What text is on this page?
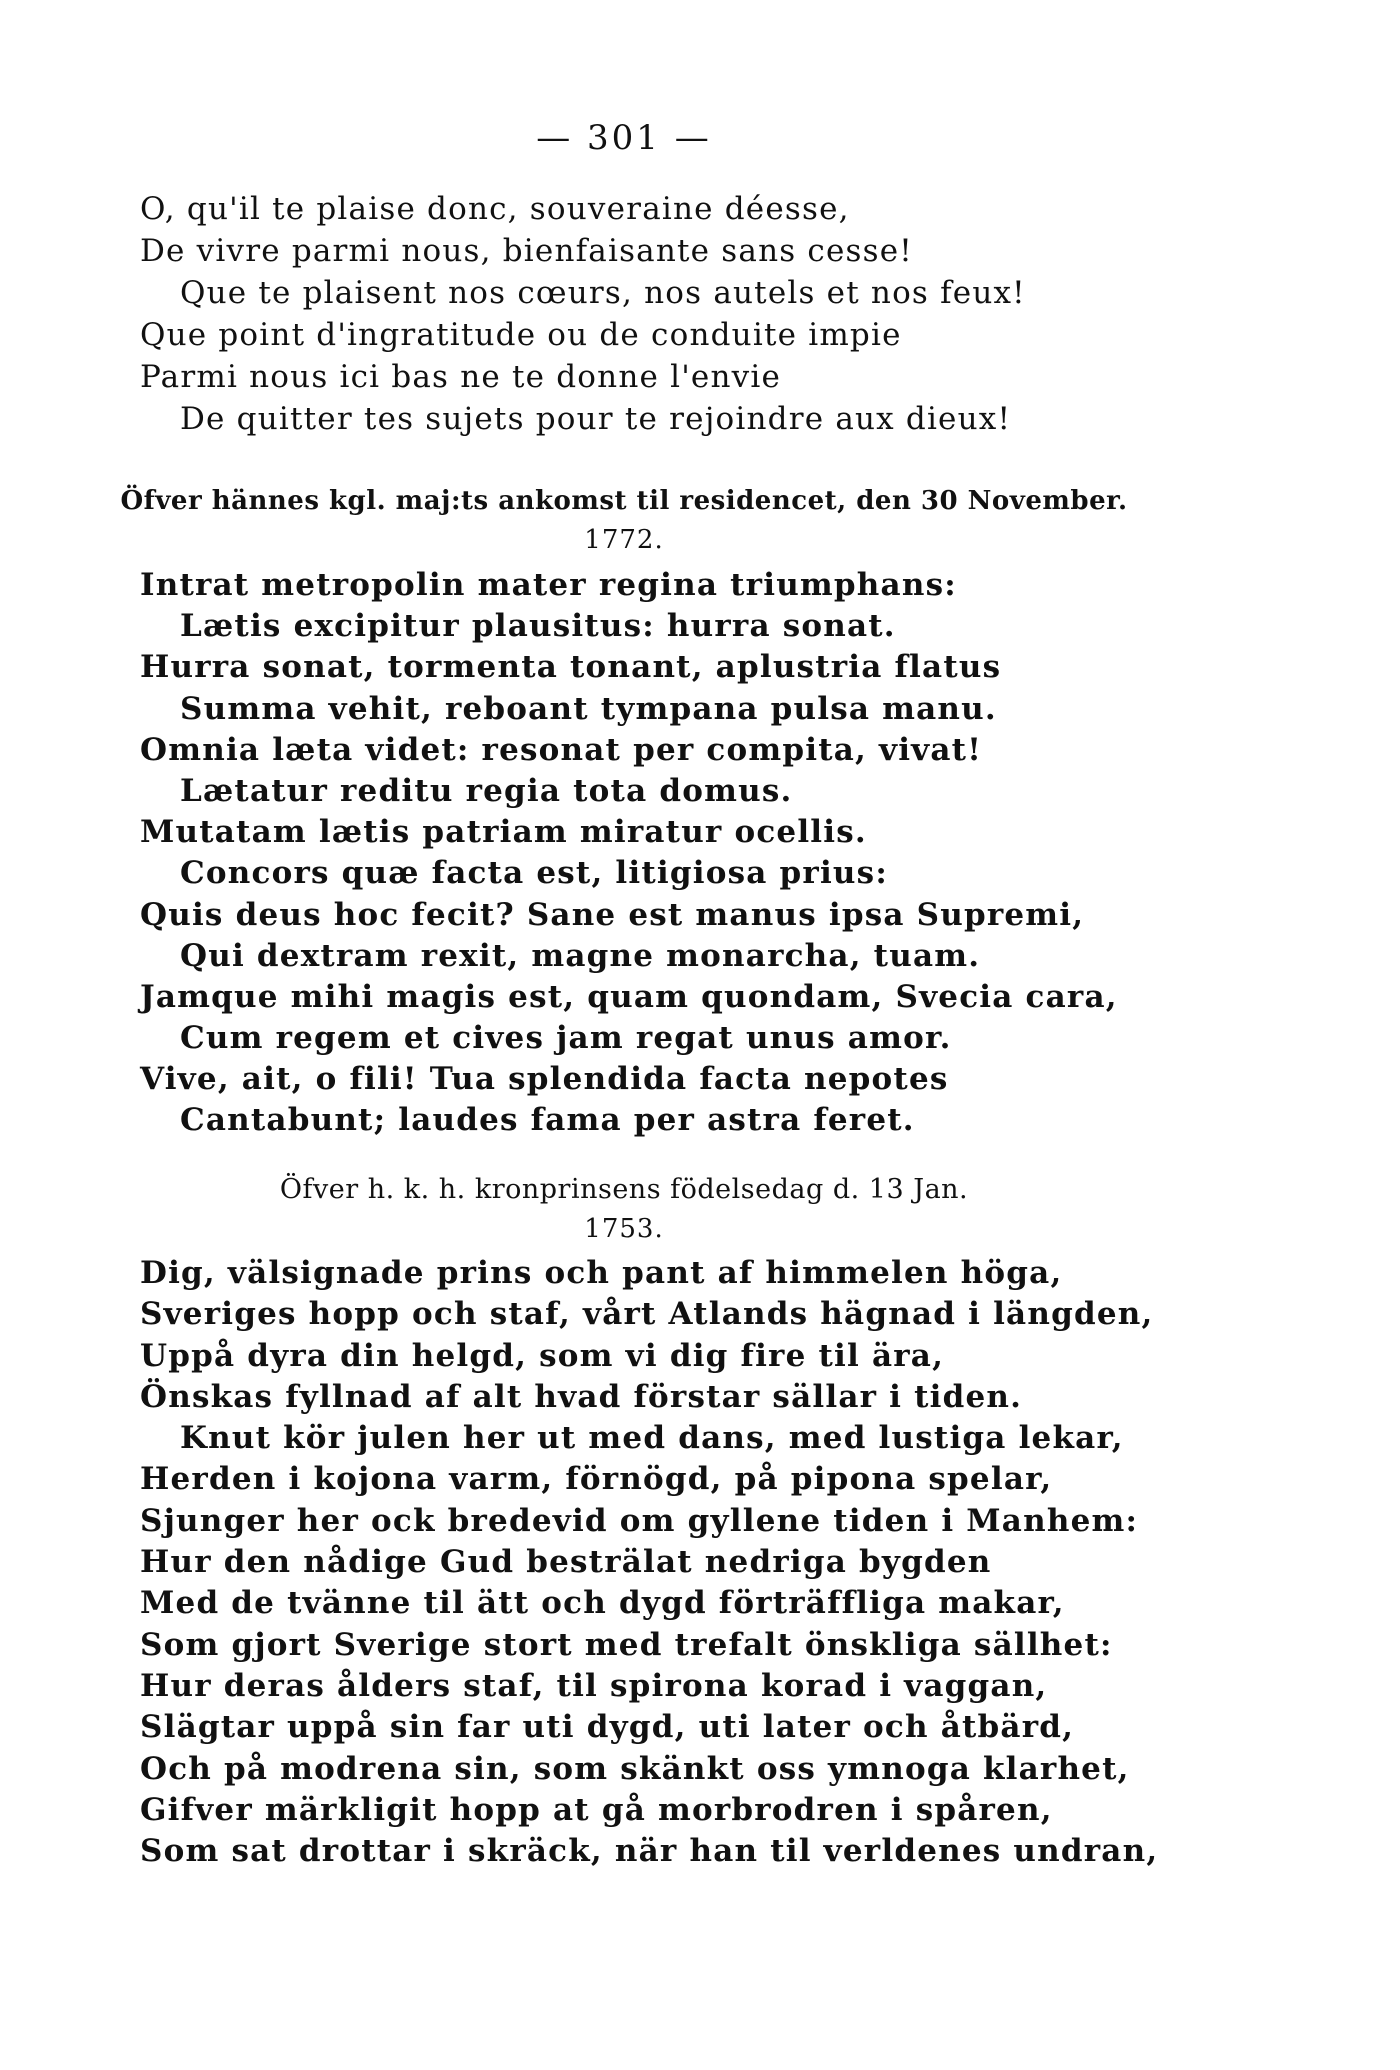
— 301 —
O, qu'il te plaise donc, souveraine déesse,
De vivre parmi nous, bienfaisante sans cesse!
Que te plaisent nos cœurs, nos autels et nos feux!
Que point d'ingratitude ou de conduite impie
Parmi nous ici bas ne te donne l'envie
De quitter tes sujets pour te rejoindre aux dieux!
Öfver hännes kgl. maj:ts ankomst til residencet, den 30 November.
1772.
Intrat metropolin mater regina triumphans:
Lætis excipitur plausitus: hurra sonat.
Hurra sonat, tormenta tonant, aplustria flatus
Summa vehit, reboant tympana pulsa manu.
Omnia læta videt: resonat per compita, vivat!
Lætatur reditu regia tota domus.
Mutatam lætis patriam miratur ocellis.
Concors quæ facta est, litigiosa prius:
Quis deus hoc fecit? Sane est manus ipsa Supremi,
Qui dextram rexit, magne monarcha, tuam.
Jamque mihi magis est, quam quondam, Svecia cara,
Cum regem et cives jam regat unus amor.
Vive, ait, o fili! Tua splendida facta nepotes
Cantabunt; laudes fama per astra feret.
Öfver h. k. h. kronprinsens födelsedag d. 13 Jan.
1753.
Dig, välsignade prins och pant af himmelen höga,
Sveriges hopp och staf, vårt Atlands hägnad i längden,
Uppå dyra din helgd, som vi dig fire til ära,
Önskas fyllnad af alt hvad förstar sällar i tiden.
Knut kör julen her ut med dans, med lustiga lekar,
Herden i kojona varm, förnögd, på pipona spelar,
Sjunger her ock bredevid om gyllene tiden i Manhem:
Hur den nådige Gud besträlat nedriga bygden
Med de tvänne til ätt och dygd förträffliga makar,
Som gjort Sverige stort med trefalt önskliga sällhet:
Hur deras ålders staf, til spirona korad i vaggan,
Slägtar uppå sin far uti dygd, uti later och åtbärd,
Och på modrena sin, som skänkt oss ymnoga klarhet,
Gifver märkligit hopp at gå morbrodren i spåren,
Som sat drottar i skräck, när han til verldenes undran,
